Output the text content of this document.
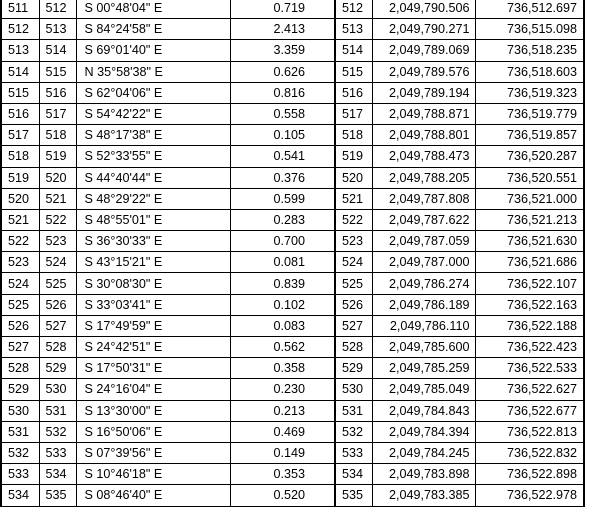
511	512	S 00°48'04" E	0.719	512	2,049,790.506	736,512.697
512	513	S 84°24'58" E	2.413	513	2,049,790.271	736,515.098
513	514	S 69°01'40" E	3.359	514	2,049,789.069	736,518.235
514	515	N 35°58'38" E	0.626	515	2,049,789.576	736,518.603
515	516	S 62°04'06" E	0.816	516	2,049,789.194	736,519.323
516	517	S 54°42'22" E	0.558	517	2,049,788.871	736,519.779
517	518	S 48°17'38" E	0.105	518	2,049,788.801	736,519.857
518	519	S 52°33'55" E	0.541	519	2,049,788.473	736,520.287
519	520	S 44°40'44" E	0.376	520	2,049,788.205	736,520.551
520	521	S 48°29'22" E	0.599	521	2,049,787.808	736,521.000
521	522	S 48°55'01" E	0.283	522	2,049,787.622	736,521.213
522	523	S 36°30'33" E	0.700	523	2,049,787.059	736,521.630
523	524	S 43°15'21" E	0.081	524	2,049,787.000	736,521.686
524	525	S 30°08'30" E	0.839	525	2,049,786.274	736,522.107
525	526	S 33°03'41" E	0.102	526	2,049,786.189	736,522.163
526	527	S 17°49'59" E	0.083	527	2,049,786.110	736,522.188
527	528	S 24°42'51" E	0.562	528	2,049,785.600	736,522.423
528	529	S 17°50'31" E	0.358	529	2,049,785.259	736,522.533
529	530	S 24°16'04" E	0.230	530	2,049,785.049	736,522.627
530	531	S 13°30'00" E	0.213	531	2,049,784.843	736,522.677
531	532	S 16°50'06" E	0.469	532	2,049,784.394	736,522.813
532	533	S 07°39'56" E	0.149	533	2,049,784.245	736,522.832
533	534	S 10°46'18" E	0.353	534	2,049,783.898	736,522.898
534	535	S 08°46'40" E	0.520	535	2,049,783.385	736,522.978
